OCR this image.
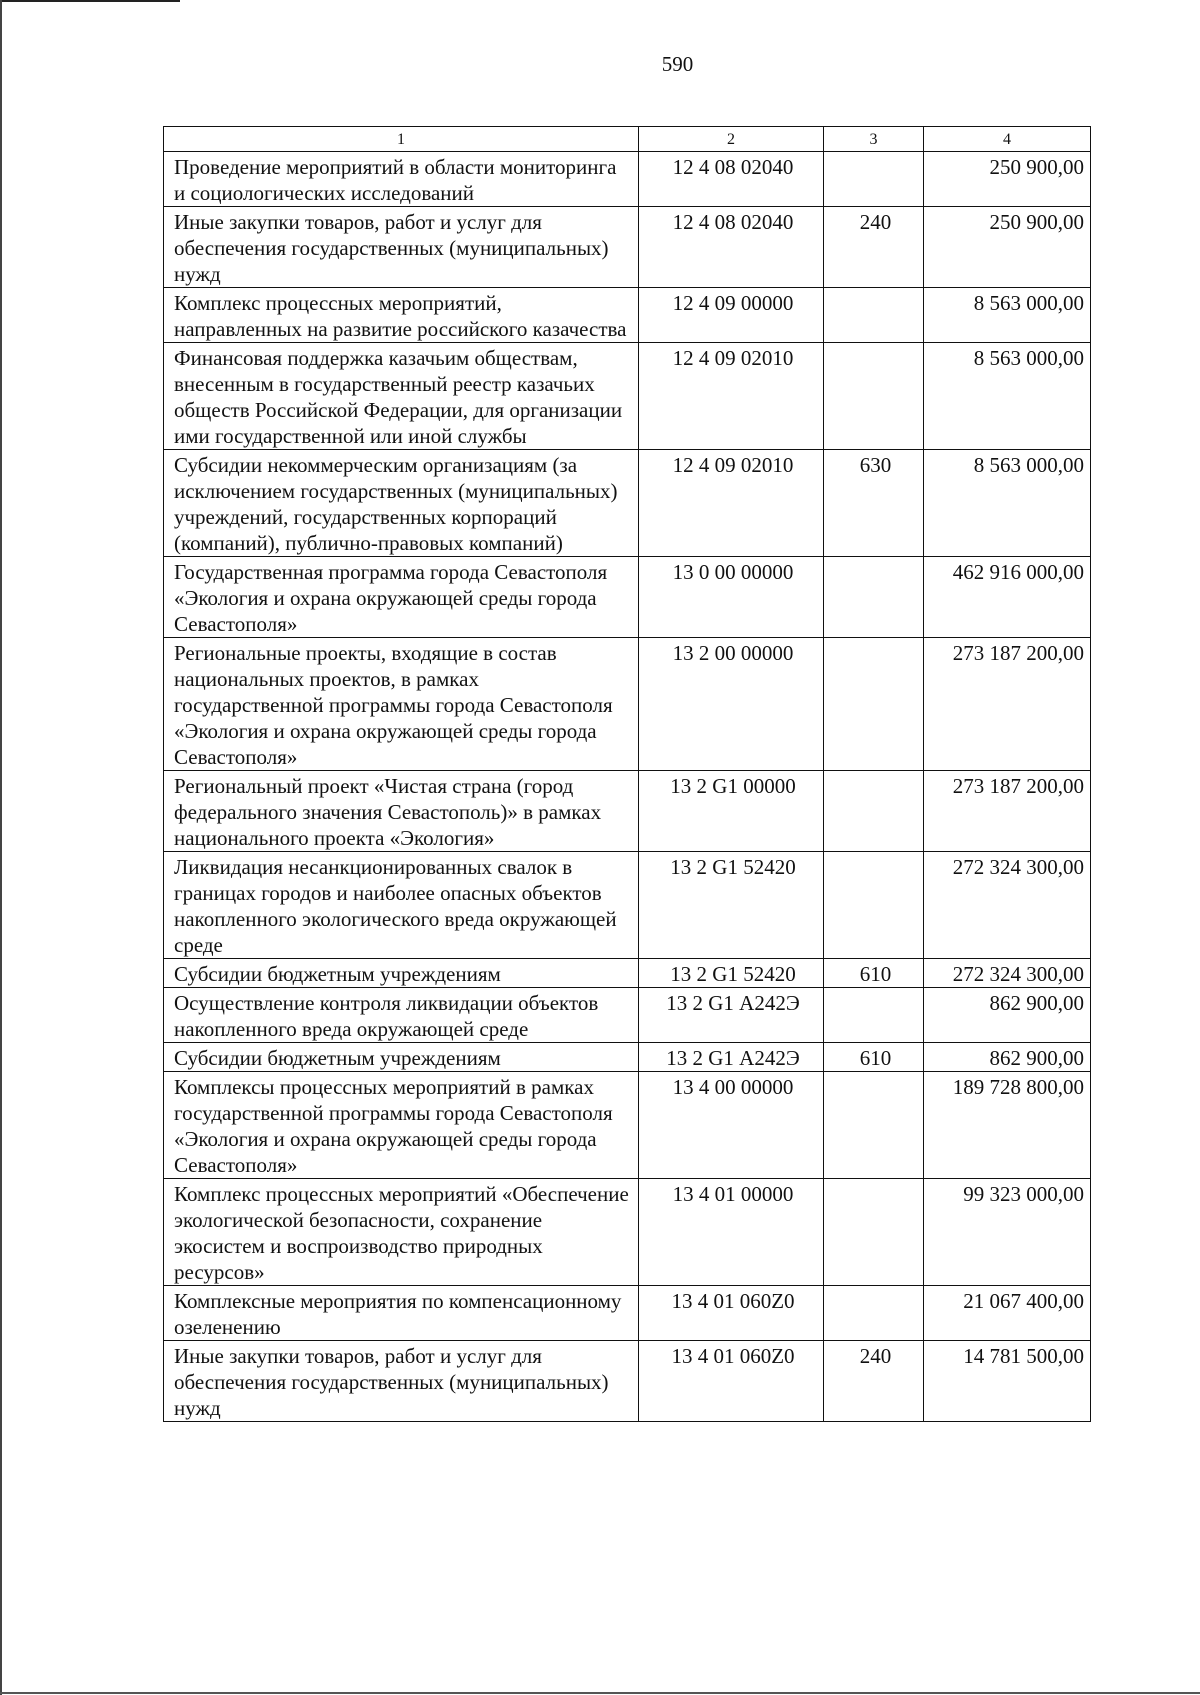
590
1	2	3	4
Проведение мероприятий в области мониторинга и социологических исследований	12 4 08 02040		250 900,00
Иные закупки товаров, работ и услуг для обеспечения государственных (муниципальных) нужд	12 4 08 02040	240	250 900,00
Комплекс процессных мероприятий, направленных на развитие российского казачества	12 4 09 00000		8 563 000,00
Финансовая поддержка казачьим обществам, внесенным в государственный реестр казачьих обществ Российской Федерации, для организации ими государственной или иной службы	12 4 09 02010		8 563 000,00
Субсидии некоммерческим организациям (за исключением государственных (муниципальных) учреждений, государственных корпораций (компаний), публично-правовых компаний)	12 4 09 02010	630	8 563 000,00
Государственная программа города Севастополя «Экология и охрана окружающей среды города Севастополя»	13 0 00 00000		462 916 000,00
Региональные проекты, входящие в состав национальных проектов, в рамках государственной программы города Севастополя «Экология и охрана окружающей среды города Севастополя»	13 2 00 00000		273 187 200,00
Региональный проект «Чистая страна (город федерального значения Севастополь)» в рамках национального проекта «Экология»	13 2 G1 00000		273 187 200,00
Ликвидация несанкционированных свалок в границах городов и наиболее опасных объектов накопленного экологического вреда окружающей среде	13 2 G1 52420		272 324 300,00
Субсидии бюджетным учреждениям	13 2 G1 52420	610	272 324 300,00
Осуществление контроля ликвидации объектов накопленного вреда окружающей среде	13 2 G1 А242Э		862 900,00
Субсидии бюджетным учреждениям	13 2 G1 А242Э	610	862 900,00
Комплексы процессных мероприятий в рамках государственной программы города Севастополя «Экология и охрана окружающей среды города Севастополя»	13 4 00 00000		189 728 800,00
Комплекс процессных мероприятий «Обеспечение экологической безопасности, сохранение экосистем и воспроизводство природных ресурсов»	13 4 01 00000		99 323 000,00
Комплексные мероприятия по компенсационному озеленению	13 4 01 060Z0		21 067 400,00
Иные закупки товаров, работ и услуг для обеспечения государственных (муниципальных) нужд	13 4 01 060Z0	240	14 781 500,00
